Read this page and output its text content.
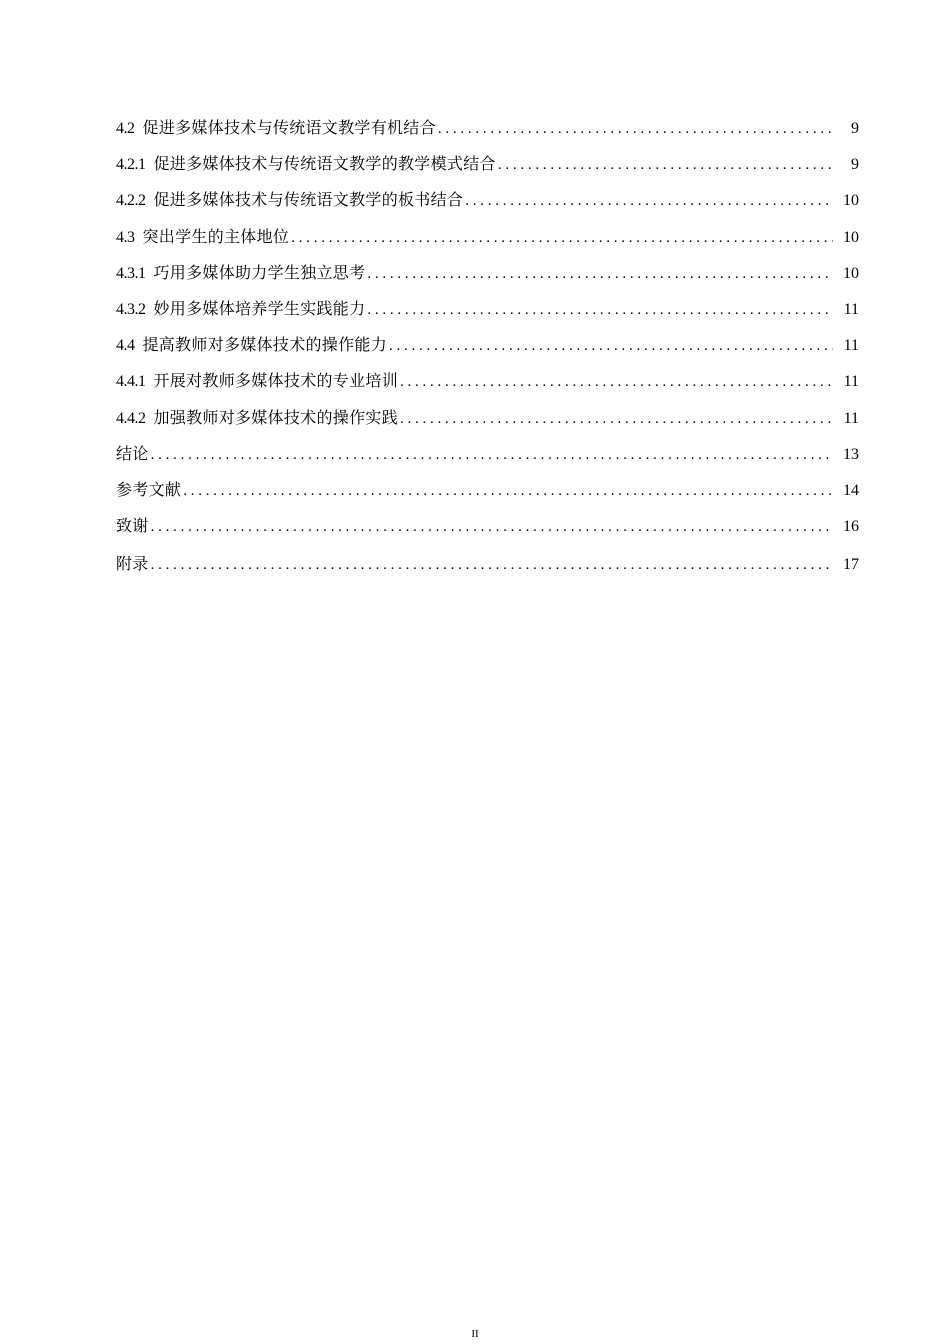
4.2 促进多媒体技术与传统语文教学有机结合 . . .	9
4.2.1 促进多媒体技术与传统语文教学的教学模式结合 . . .	9
4.2.2 促进多媒体技术与传统语文教学的板书结合 . . .	10
4.3 突出学生的主体地位 . . .	10
4.3.1 巧用多媒体助力学生独立思考 . . .	10
4.3.2 妙用多媒体培养学生实践能力 . . .	11
4.4 提高教师对多媒体技术的操作能力 . . .	11
4.4.1 开展对教师多媒体技术的专业培训 . . .	11
4.4.2 加强教师对多媒体技术的操作实践 . . .	11
结论 . . .	13
参考文献 . . .	14
致谢 . . .	16
附录 . . .	17
II
